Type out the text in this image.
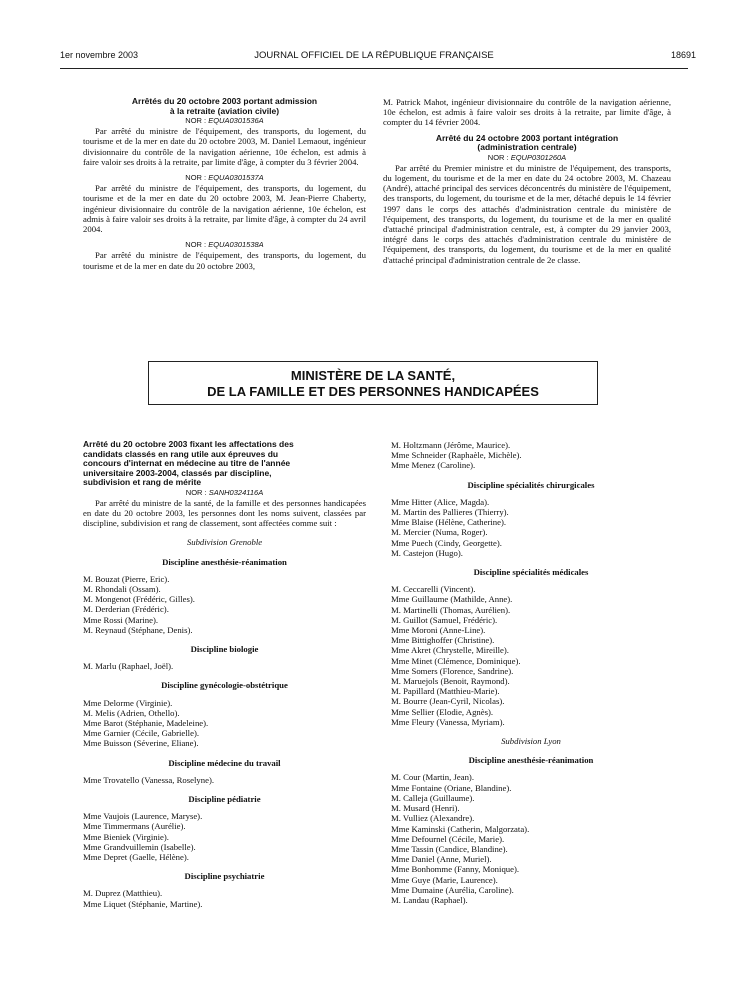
1er novembre 2003	JOURNAL OFFICIEL DE LA RÉPUBLIQUE FRANÇAISE	18691

Arrêtés du 20 octobre 2003 portant admission

à la retraite (aviation civile)

NOR : EQUA0301536A

Par arrêté du ministre de l'équipement, des transports, du logement, du tourisme et de la mer en date du 20 octobre 2003, M. Daniel Lemaout, ingénieur divisionnaire du contrôle de la navigation aérienne, 10e échelon, est admis à faire valoir ses droits à la retraite, par limite d'âge, à compter du 3 février 2004.

NOR : EQUA0301537A

Par arrêté du ministre de l'équipement, des transports, du logement, du tourisme et de la mer en date du 20 octobre 2003, M. Jean-Pierre Chaberty, ingénieur divisionnaire du contrôle de la navigation aérienne, 10e échelon, est admis à faire valoir ses droits à la retraite, par limite d'âge, à compter du 24 avril 2004.

NOR : EQUA0301538A

Par arrêté du ministre de l'équipement, des transports, du logement, du tourisme et de la mer en date du 20 octobre 2003,

M. Patrick Mahot, ingénieur divisionnaire du contrôle de la navigation aérienne, 10e échelon, est admis à faire valoir ses droits à la retraite, par limite d'âge, à compter du 14 février 2004.

Arrêté du 24 octobre 2003 portant intégration

(administration centrale)

NOR : EQUP0301260A

Par arrêté du Premier ministre et du ministre de l'équipement, des transports, du logement, du tourisme et de la mer en date du 24 octobre 2003, M. Chazeau (André), attaché principal des services déconcentrés du ministère de l'équipement, des transports, du logement, du tourisme et de la mer, détaché depuis le 14 février 1997 dans le corps des attachés d'administration centrale du ministère de l'équipement, des transports, du logement, du tourisme et de la mer en qualité d'attaché principal d'administration centrale, est, à compter du 29 janvier 2003, intégré dans le corps des attachés d'administration centrale du ministère de l'équipement, des transports, du logement, du tourisme et de la mer en qualité d'attaché principal d'administration centrale de 2e classe.

MINISTÈRE DE LA SANTÉ,
DE LA FAMILLE ET DES PERSONNES HANDICAPÉES

Arrêté du 20 octobre 2003 fixant les affectations des

candidats classés en rang utile aux épreuves du

concours d'internat en médecine au titre de l'année

universitaire 2003-2004, classés par discipline,

subdivision et rang de mérite

NOR : SANH0324116A

Par arrêté du ministre de la santé, de la famille et des personnes handicapées en date du 20 octobre 2003, les personnes dont les noms suivent, classées par discipline, subdivision et rang de classement, sont affectées comme suit :

Subdivision Grenoble

Discipline anesthésie-réanimation

M. Bouzat (Pierre, Eric).

M. Rhondali (Ossam).

M. Mongenot (Frédéric, Gilles).

M. Derderian (Frédéric).

Mme Rossi (Marine).

M. Reynaud (Stéphane, Denis).

Discipline biologie

M. Marlu (Raphael, Joël).

Discipline gynécologie-obstétrique

Mme Delorme (Virginie).

M. Melis (Adrien, Othello).

Mme Barot (Stéphanie, Madeleine).

Mme Garnier (Cécile, Gabrielle).

Mme Buisson (Séverine, Eliane).

Discipline médecine du travail

Mme Trovatello (Vanessa, Roselyne).

Discipline pédiatrie

Mme Vaujois (Laurence, Maryse).

Mme Timmermans (Aurélie).

Mme Bieniek (Virginie).

Mme Grandvuillemin (Isabelle).

Mme Depret (Gaelle, Hélène).

Discipline psychiatrie

M. Duprez (Matthieu).

Mme Liquet (Stéphanie, Martine).

M. Holtzmann (Jérôme, Maurice).

Mme Schneider (Raphaèle, Michèle).

Mme Menez (Caroline).

Discipline spécialités chirurgicales

Mme Hitter (Alice, Magda).

M. Martin des Pallieres (Thierry).

Mme Blaise (Hélène, Catherine).

M. Mercier (Numa, Roger).

Mme Puech (Cindy, Georgette).

M. Castejon (Hugo).

Discipline spécialités médicales

M. Ceccarelli (Vincent).

Mme Guillaume (Mathilde, Anne).

M. Martinelli (Thomas, Aurélien).

M. Guillot (Samuel, Frédéric).

Mme Moroni (Anne-Line).

Mme Bittighoffer (Christine).

Mme Akret (Chrystelle, Mireille).

Mme Minet (Clémence, Dominique).

Mme Somers (Florence, Sandrine).

M. Maruejols (Benoit, Raymond).

M. Papillard (Matthieu-Marie).

M. Bourre (Jean-Cyril, Nicolas).

Mme Sellier (Elodie, Agnès).

Mme Fleury (Vanessa, Myriam).

Subdivision Lyon

Discipline anesthésie-réanimation

M. Cour (Martin, Jean).

Mme Fontaine (Oriane, Blandine).

M. Calleja (Guillaume).

M. Musard (Henri).

M. Vulliez (Alexandre).

Mme Kaminski (Catherin, Malgorzata).

Mme Defournel (Cécile, Marie).

Mme Tassin (Candice, Blandine).

Mme Daniel (Anne, Muriel).

Mme Bonhomme (Fanny, Monique).

Mme Guye (Marie, Laurence).

Mme Dumaine (Aurélia, Caroline).

M. Landau (Raphael).
